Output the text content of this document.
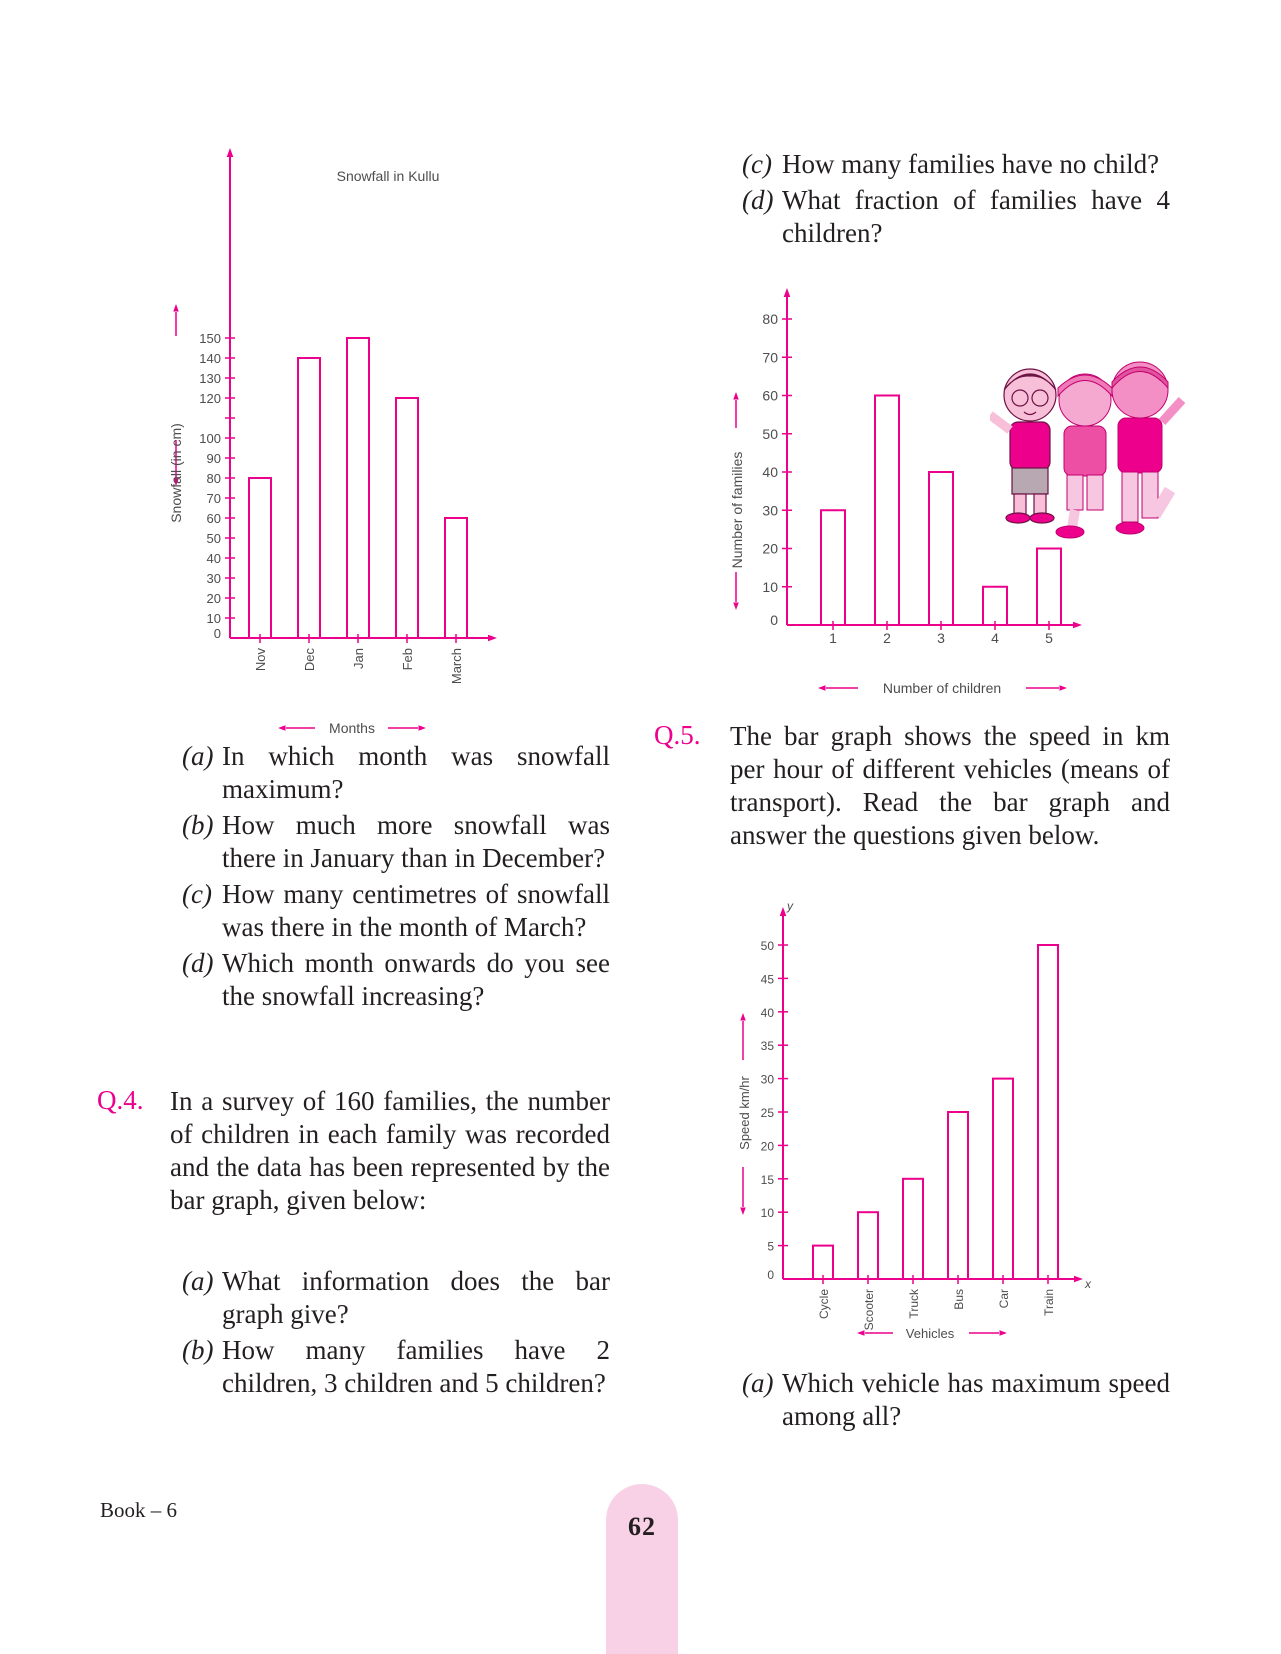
Snowfall in Kullu
0
10
20
30
40
50
60
70
80
90
100
120
130
140
150
Nov	Dec	Jan	Feb	March
Snowfall (in cm)
Months
0
10
20
30
40
50
60
70
80
1	2	3	4	5
Number of families
Number of children
0
5
10
15
20
25
30
35
40
45
50
Cycle	Scooter	Truck	Bus	Car	Train
y
x
Speed km/hr
Vehicles
(a) In which month was snowfall maximum?
(b) How much more snowfall was there in January than in December?
(c) How many centimetres of snowfall was there in the month of March?
(d) Which month onwards do you see the snowfall increasing?
Q.4. In a survey of 160 families, the number of children in each family was recorded and the data has been represented by the bar graph, given below:
(a) What information does the bar graph give?
(b) How many families have 2 children, 3 children and 5 children?
(c) How many families have no child?
(d) What fraction of families have 4 children?
Q.5. The bar graph shows the speed in km per hour of different vehicles (means of transport). Read the bar graph and answer the questions given below.
(a) Which vehicle has maximum speed among all?
Book – 6
62
